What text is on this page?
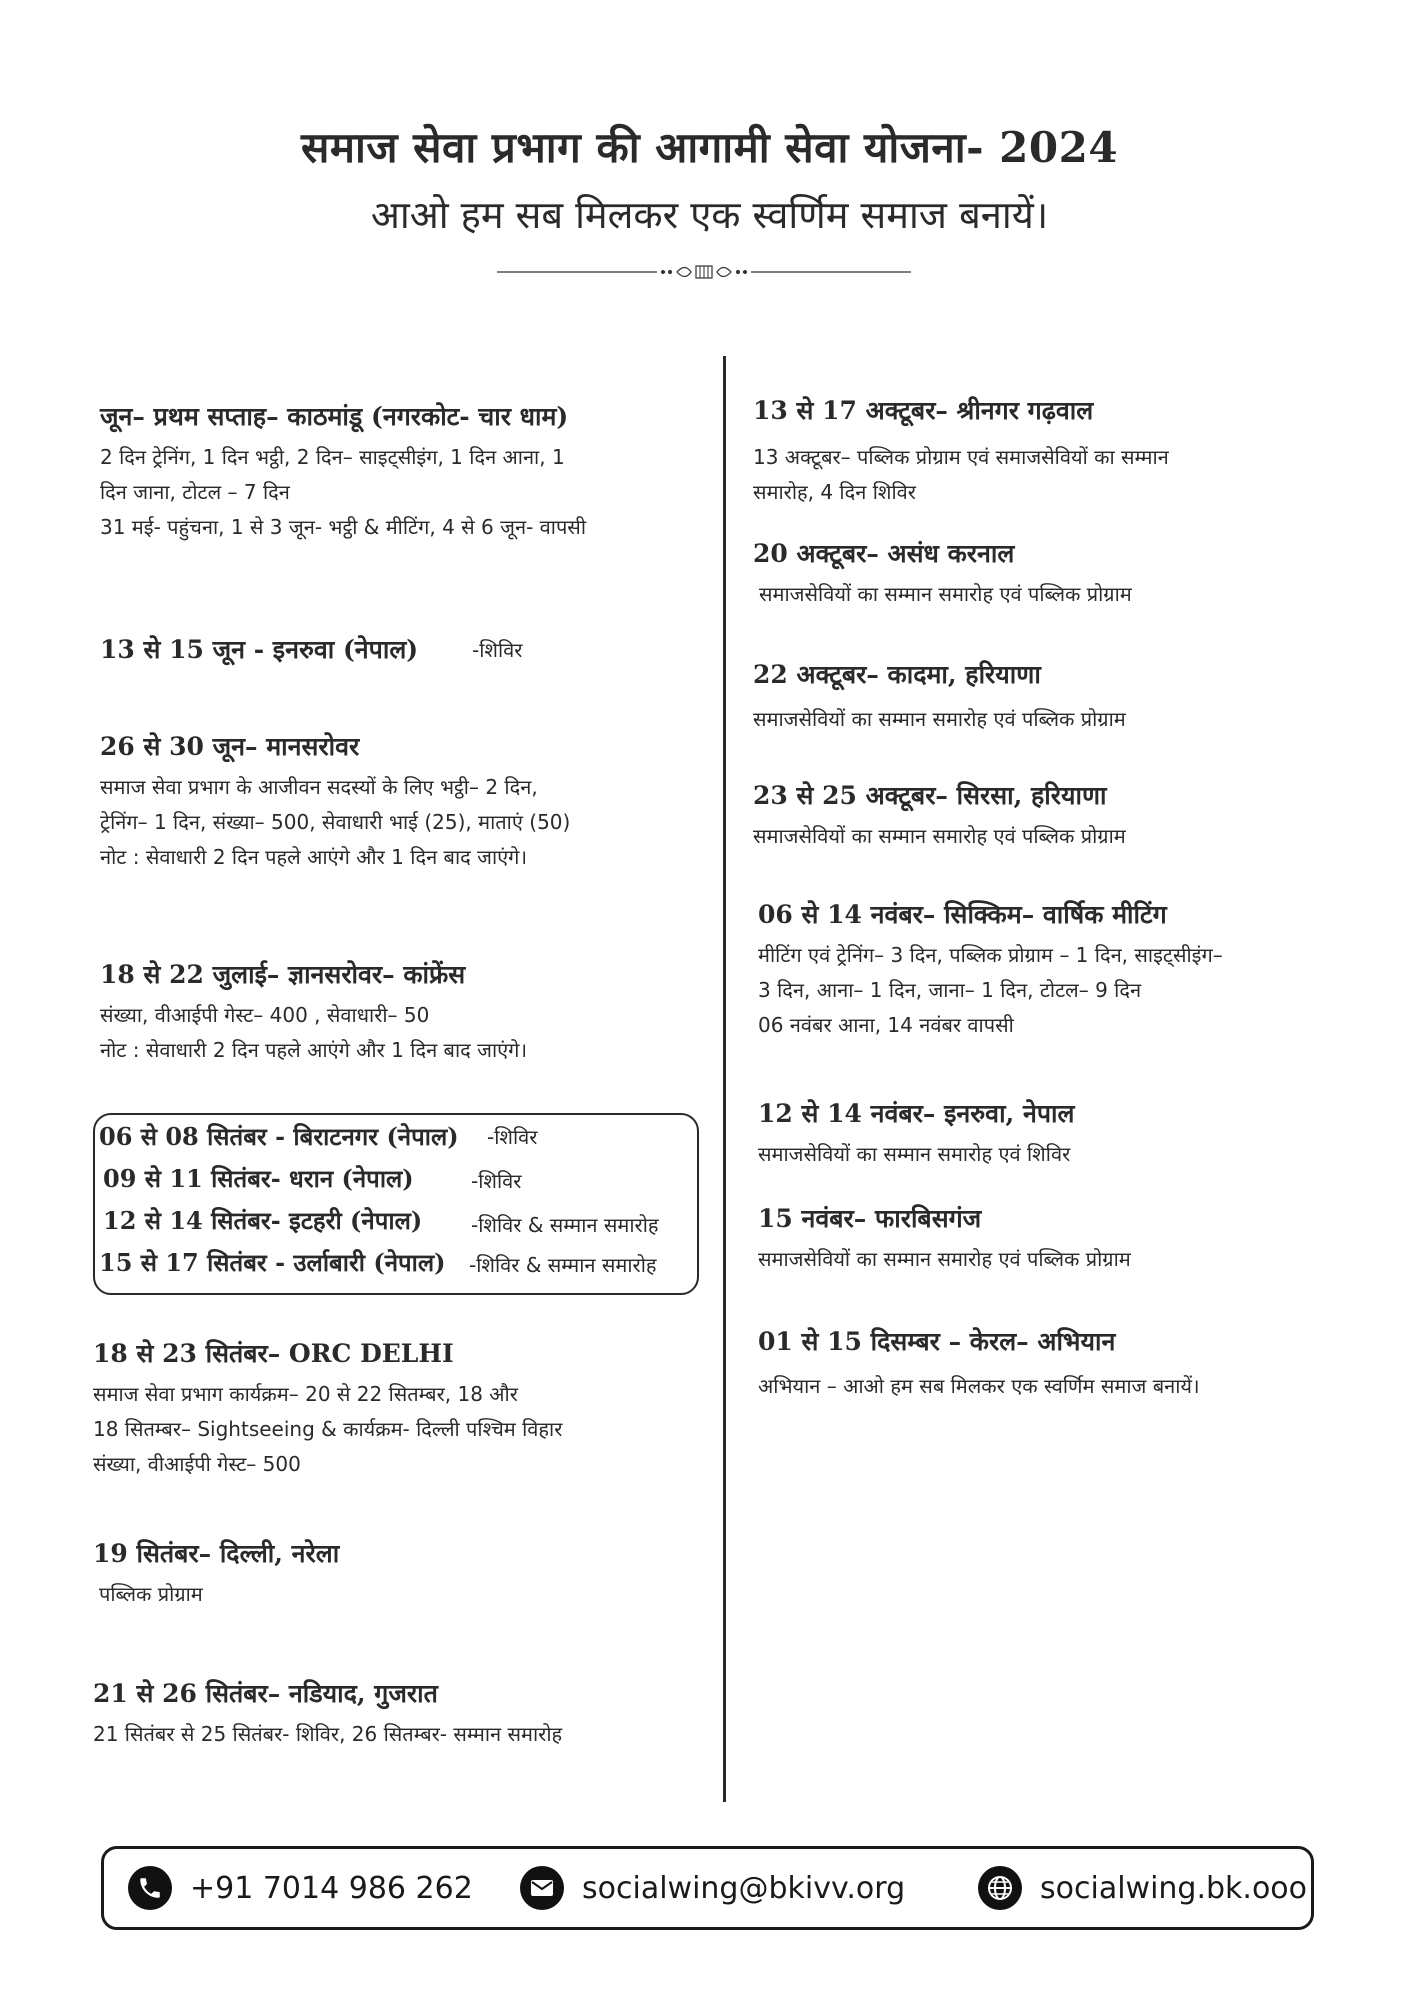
समाज सेवा प्रभाग की आगामी सेवा योजना- 2024
आओ हम सब मिलकर एक स्वर्णिम समाज बनायें।
जून– प्रथम सप्ताह– काठमांडू (नगरकोट- चार धाम)
2 दिन ट्रेनिंग, 1 दिन भट्ठी, 2 दिन– साइट्सीइंग, 1 दिन आना, 1
दिन जाना, टोटल – 7 दिन
31 मई- पहुंचना, 1 से 3 जून- भट्ठी & मीटिंग, 4 से 6 जून- वापसी
13 से 15 जून - इनरुवा (नेपाल)	-शिविर
26 से 30 जून– मानसरोवर
समाज सेवा प्रभाग के आजीवन सदस्यों के लिए भट्ठी– 2 दिन,
ट्रेनिंग– 1 दिन, संख्या– 500, सेवाधारी भाई (25), माताएं (50)
नोट : सेवाधारी 2 दिन पहले आएंगे और 1 दिन बाद जाएंगे।
18 से 22 जुलाई– ज्ञानसरोवर– कांफ्रेंस
संख्या, वीआईपी गेस्ट– 400 , सेवाधारी– 50
नोट : सेवाधारी 2 दिन पहले आएंगे और 1 दिन बाद जाएंगे।
06 से 08 सितंबर - बिराटनगर (नेपाल) -शिविर
09 से 11 सितंबर- धरान (नेपाल)	-शिविर
12 से 14 सितंबर- इटहरी (नेपाल) -शिविर & सम्मान समारोह
15 से 17 सितंबर - उर्लाबारी (नेपाल) -शिविर & सम्मान समारोह
18 से 23 सितंबर– ORC DELHI
समाज सेवा प्रभाग कार्यक्रम– 20 से 22 सितम्बर, 18 और
18 सितम्बर– Sightseeing & कार्यक्रम- दिल्ली पश्चिम विहार
संख्या, वीआईपी गेस्ट– 500
19 सितंबर– दिल्ली, नरेला
पब्लिक प्रोग्राम
21 से 26 सितंबर– नडियाद, गुजरात
21 सितंबर से 25 सितंबर- शिविर, 26 सितम्बर- सम्मान समारोह
13 से 17 अक्टूबर– श्रीनगर गढ़वाल
13 अक्टूबर– पब्लिक प्रोग्राम एवं समाजसेवियों का सम्मान
समारोह, 4 दिन शिविर
20 अक्टूबर– असंध करनाल
समाजसेवियों का सम्मान समारोह एवं पब्लिक प्रोग्राम
22 अक्टूबर– कादमा, हरियाणा
समाजसेवियों का सम्मान समारोह एवं पब्लिक प्रोग्राम
23 से 25 अक्टूबर– सिरसा, हरियाणा
समाजसेवियों का सम्मान समारोह एवं पब्लिक प्रोग्राम
06 से 14 नवंबर– सिक्किम– वार्षिक मीटिंग
मीटिंग एवं ट्रेनिंग– 3 दिन, पब्लिक प्रोग्राम – 1 दिन, साइट्सीइंग–
3 दिन, आना– 1 दिन, जाना– 1 दिन, टोटल– 9 दिन
06 नवंबर आना, 14 नवंबर वापसी
12 से 14 नवंबर– इनरुवा, नेपाल
समाजसेवियों का सम्मान समारोह एवं शिविर
15 नवंबर– फारबिसगंज
समाजसेवियों का सम्मान समारोह एवं पब्लिक प्रोग्राम
01 से 15 दिसम्बर – केरल– अभियान
अभियान – आओ हम सब मिलकर एक स्वर्णिम समाज बनायें।
+91 7014 986 262	socialwing@bkivv.org	socialwing.bk.ooo
